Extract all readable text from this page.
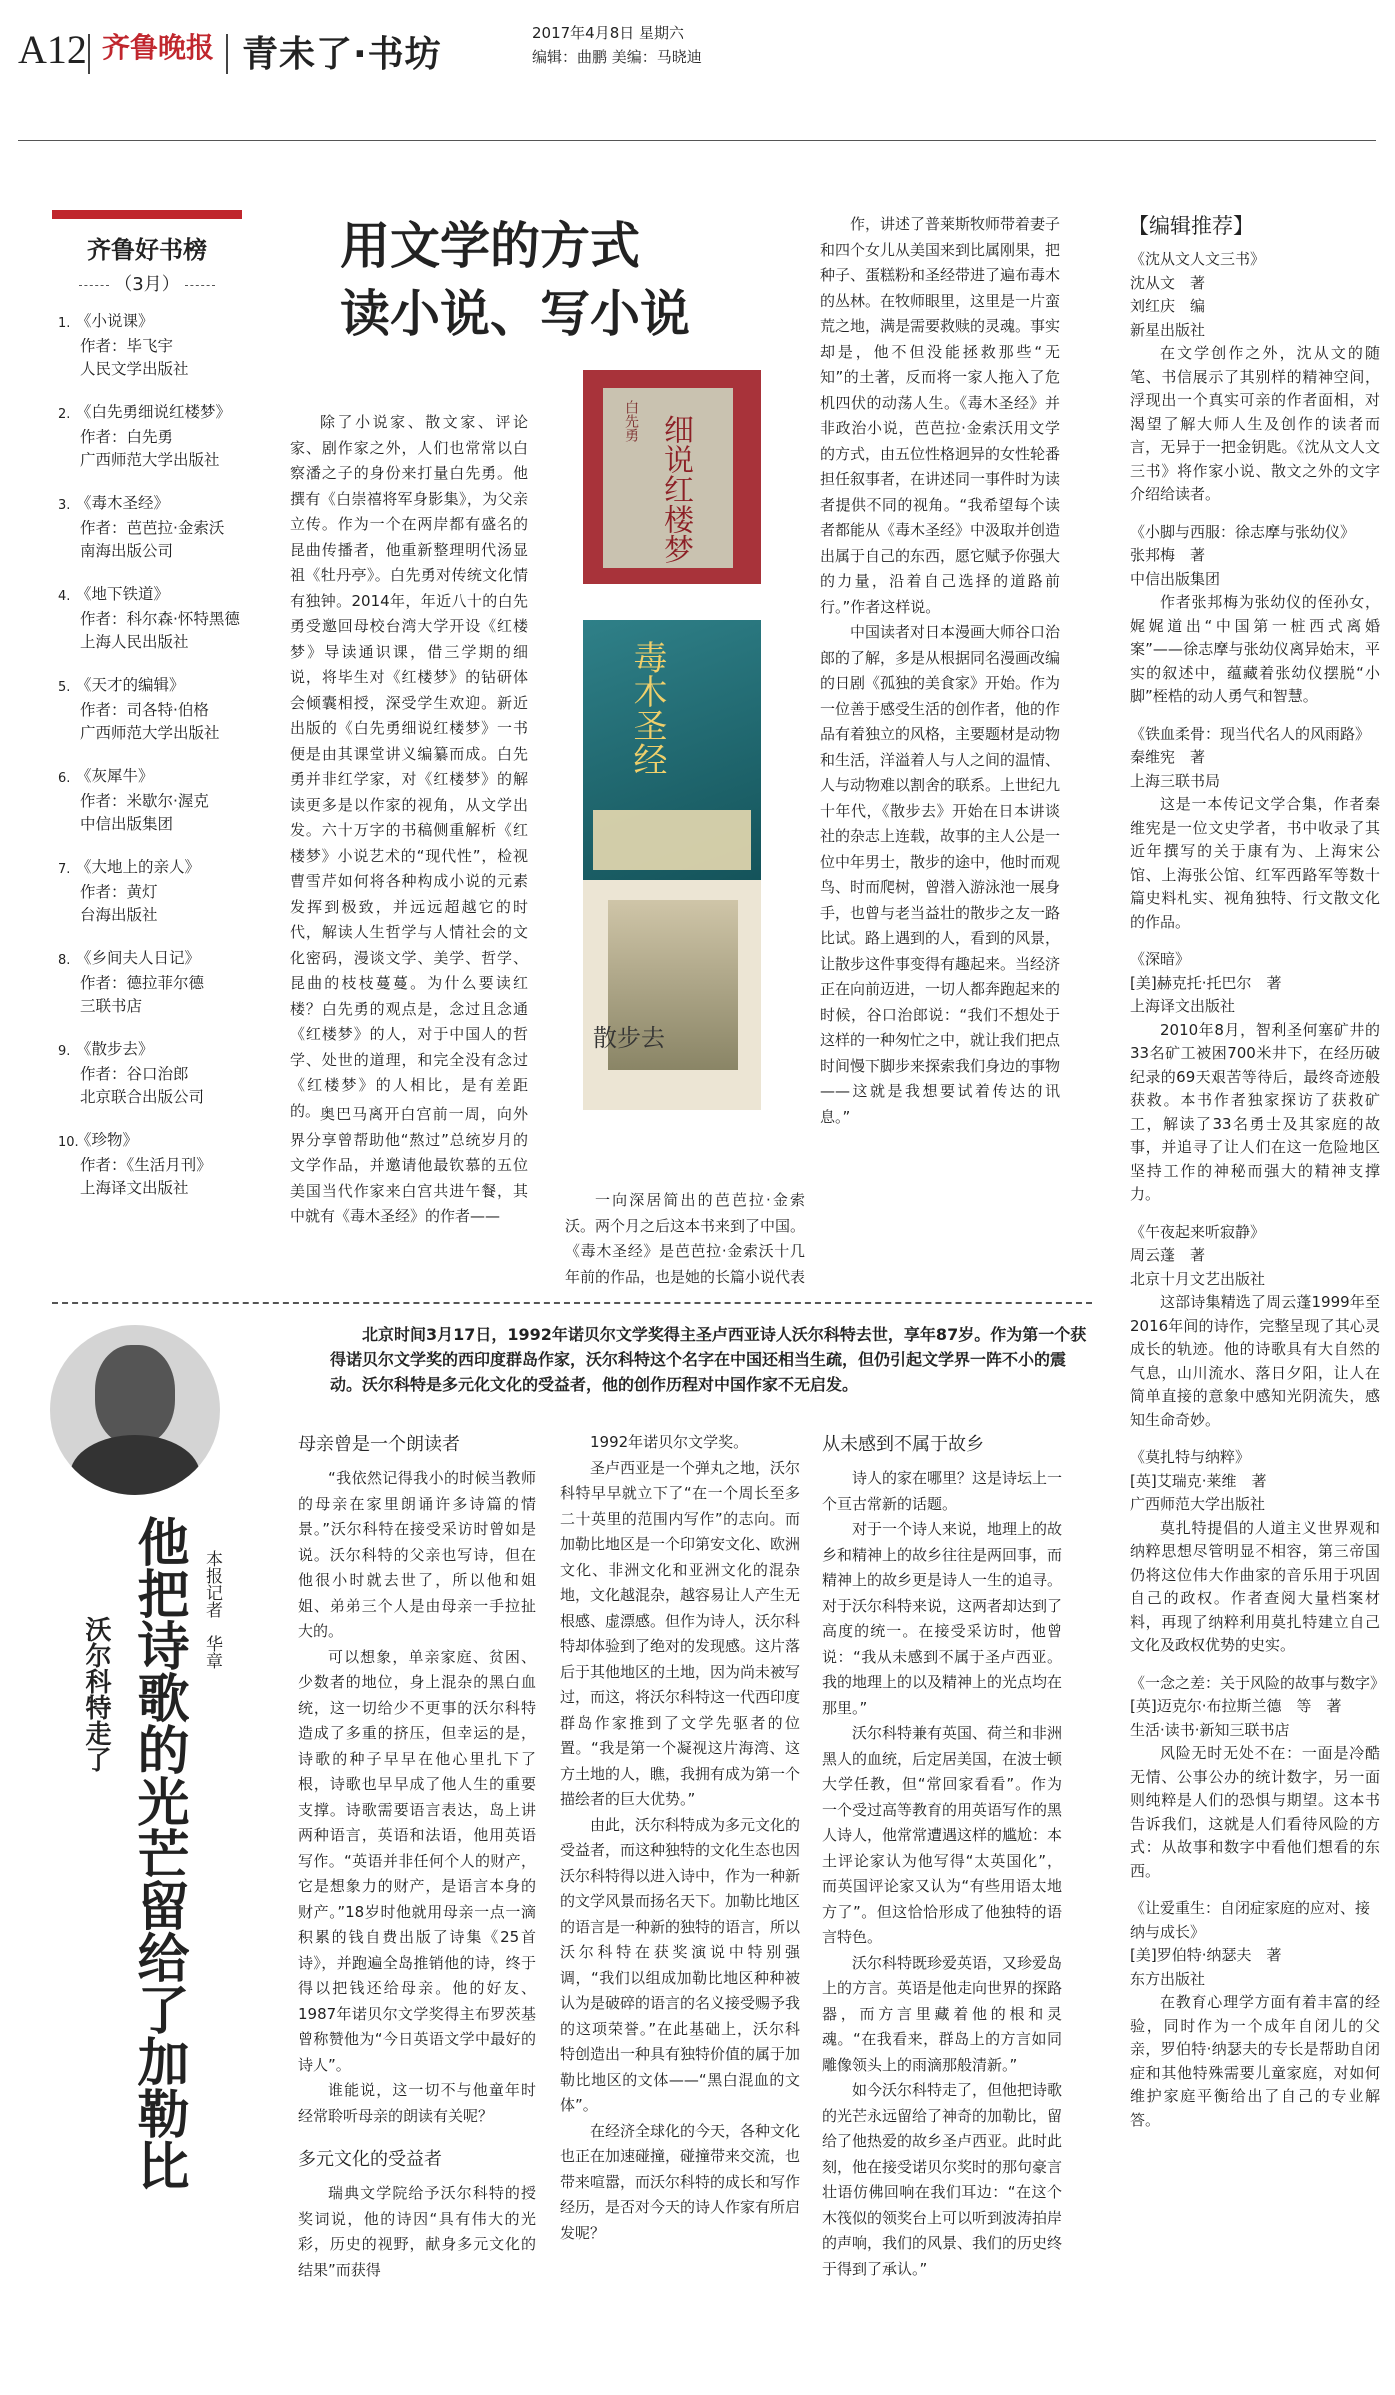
A12 齐鲁晚报 青未了·书坊
2017年4月8日 星期六
编辑：曲鹏 美编：马晓迪
齐鲁好书榜
（3月）
1. 《小说课》
作者：毕飞宇
人民文学出版社
2. 《白先勇细说红楼梦》
作者：白先勇
广西师范大学出版社
3. 《毒木圣经》
作者：芭芭拉·金索沃
南海出版公司
4. 《地下铁道》
作者：科尔森·怀特黑德
上海人民出版社
5. 《天才的编辑》
作者：司各特·伯格
广西师范大学出版社
6. 《灰犀牛》
作者：米歇尔·渥克
中信出版集团
7. 《大地上的亲人》
作者：黄灯
台海出版社
8. 《乡间夫人日记》
作者：德拉菲尔德
三联书店
9. 《散步去》
作者：谷口治郎
北京联合出版公司
10.
《珍物》
作者：《生活月刊》
上海译文出版社
用文学的方式
读小说、写小说
除了小说家、散文家、评论家、剧作家之外，人们也常常以白察潘之子的身份来打量白先勇。他撰有《白崇禧将军身影集》，为父亲立传。作为一个在两岸都有盛名的昆曲传播者，他重新整理明代汤显祖《牡丹亭》。白先勇对传统文化情有独钟。2014年，年近八十的白先勇受邀回母校台湾大学开设《红楼梦》导读通识课，借三学期的细说，将毕生对《红楼梦》的钻研体会倾囊相授，深受学生欢迎。新近出版的《白先勇细说红楼梦》一书便是由其课堂讲义编纂而成。白先勇并非红学家，对《红楼梦》的解读更多是以作家的视角，从文学出发。六十万字的书稿侧重解析《红楼梦》小说艺术的“现代性”，检视曹雪芹如何将各种构成小说的元素发挥到极致，并远远超越它的时代，解读人生哲学与人情社会的文化密码，漫谈文学、美学、哲学、昆曲的枝枝蔓蔓。为什么要读红楼？白先勇的观点是，念过且念通《红楼梦》的人，对于中国人的哲学、处世的道理，和完全没有念过《红楼梦》的人相比，是有差距的。 奥巴马离开白宫前一周，向外界分享曾帮助他“熬过”总统岁月的文学作品，并邀请他最钦慕的五位美国当代作家来白宫共进午餐，其中就有《毒木圣经》的作者——
一向深居简出的芭芭拉·金索沃。两个月之后这本书来到了中国。《毒木圣经》是芭芭拉·金索沃十几年前的作品，也是她的长篇小说代表

作，讲述了普莱斯牧师带着妻子和四个女儿从美国来到比属刚果，把种子、蛋糕粉和圣经带进了遍布毒木的丛林。在牧师眼里，这里是一片蛮荒之地，满是需要救赎的灵魂。事实却是，他不但没能拯救那些“无知”的土著，反而将一家人拖入了危机四伏的动荡人生。《毒木圣经》并非政治小说，芭芭拉·金索沃用文学的方式，由五位性格迥异的女性轮番担任叙事者，在讲述同一事件时为读者提供不同的视角。“我希望每个读者都能从《毒木圣经》中汲取并创造出属于自己的东西，愿它赋予你强大的力量，沿着自己选择的道路前行。”作者这样说。

中国读者对日本漫画大师谷口治郎的了解，多是从根据同名漫画改编的日剧《孤独的美食家》开始。作为一位善于感受生活的创作者，他的作品有着独立的风格，主要题材是动物和生活，洋溢着人与人之间的温情、人与动物难以割舍的联系。上世纪九十年代，《散步去》开始在日本讲谈社的杂志上连载，故事的主人公是一位中年男士，散步的途中，他时而观鸟、时而爬树，曾潜入游泳池一展身手，也曾与老当益壮的散步之友一路比试。路上遇到的人，看到的风景，让散步这件事变得有趣起来。当经济正在向前迈进，一切人都奔跑起来的时候，谷口治郎说：“我们不想处于这样的一种匆忙之中，就让我们把点时间慢下脚步来探索我们身边的事物——这就是我想要试着传达的讯息。”

白先勇 细说红楼梦
毒木圣经
散步去
【编辑推荐】
《沈从文人文三书》
沈从文　著
刘红庆　编
新星出版社
在文学创作之外，沈从文的随笔、书信展示了其别样的精神空间，浮现出一个真实可亲的作者面相，对渴望了解大师人生及创作的读者而言，无异于一把金钥匙。《沈从文人文三书》将作家小说、散文之外的文字介绍给读者。
《小脚与西服：徐志摩与张幼仪》
张邦梅　著
中信出版集团
作者张邦梅为张幼仪的侄孙女，娓娓道出“中国第一桩西式离婚案”——徐志摩与张幼仪离异始末，平实的叙述中，蕴藏着张幼仪摆脱“小脚”桎梏的动人勇气和智慧。
《铁血柔骨：现当代名人的风雨路》
秦维宪　著
上海三联书局
这是一本传记文学合集，作者秦维宪是一位文史学者，书中收录了其近年撰写的关于康有为、上海宋公馆、上海张公馆、红军西路军等数十篇史料札实、视角独特、行文散文化的作品。
《深暗》
[美]赫克托·托巴尔　著
上海译文出版社
2010年8月，智利圣何塞矿井的33名矿工被困700米井下，在经历破纪录的69天艰苦等待后，最终奇迹般获救。本书作者独家探访了获救矿工，解读了33名勇士及其家庭的故事，并追寻了让人们在这一危险地区坚持工作的神秘而强大的精神支撑力。
《午夜起来听寂静》
周云蓬　著
北京十月文艺出版社
这部诗集精选了周云蓬1999年至2016年间的诗作，完整呈现了其心灵成长的轨迹。他的诗歌具有大自然的气息，山川流水、落日夕阳，让人在简单直接的意象中感知光阴流失，感知生命奇妙。
《莫扎特与纳粹》
[英]艾瑞克·莱维　著
广西师范大学出版社
莫扎特提倡的人道主义世界观和纳粹思想尽管明显不相容，第三帝国仍将这位伟大作曲家的音乐用于巩固自己的政权。作者查阅大量档案材料，再现了纳粹利用莫扎特建立自己文化及政权优势的史实。
《一念之差：关于风险的故事与数字》
[英]迈克尔·布拉斯兰德　等　著
生活·读书·新知三联书店
风险无时无处不在：一面是冷酷无情、公事公办的统计数字，另一面则纯粹是人们的恐惧与期望。这本书告诉我们，这就是人们看待风险的方式：从故事和数字中看他们想看的东西。
《让爱重生：自闭症家庭的应对、接纳与成长》
[美]罗伯特·纳瑟夫　著
东方出版社
在教育心理学方面有着丰富的经验，同时作为一个成年自闭儿的父亲，罗伯特·纳瑟夫的专长是帮助自闭症和其他特殊需要儿童家庭，对如何维护家庭平衡给出了自己的专业解答。
北京时间3月17日，1992年诺贝尔文学奖得主圣卢西亚诗人沃尔科特去世，享年87岁。作为第一个获得诺贝尔文学奖的西印度群岛作家，沃尔科特这个名字在中国还相当生疏，但仍引起文学界一阵不小的震动。沃尔科特是多元化文化的受益者，他的创作历程对中国作家不无启发。
他把诗歌的光芒留给了加勒比
沃尔科特走了
本报记者　华章
母亲曾是一个朗读者

“我依然记得我小的时候当教师的母亲在家里朗诵许多诗篇的情景。”沃尔科特在接受采访时曾如是说。沃尔科特的父亲也写诗，但在他很小时就去世了，所以他和姐姐、弟弟三个人是由母亲一手拉扯大的。

可以想象，单亲家庭、贫困、少数者的地位，身上混杂的黑白血统，这一切给少不更事的沃尔科特造成了多重的挤压，但幸运的是，诗歌的种子早早在他心里扎下了根，诗歌也早早成了他人生的重要支撑。诗歌需要语言表达，岛上讲两种语言，英语和法语，他用英语写作。“英语并非任何个人的财产，它是想象力的财产，是语言本身的财产。”18岁时他就用母亲一点一滴积累的钱自费出版了诗集《25首诗》，并跑遍全岛推销他的诗，终于得以把钱还给母亲。他的好友、1987年诺贝尔文学奖得主布罗茨基曾称赞他为“今日英语文学中最好的诗人”。

谁能说，这一切不与他童年时经常聆听母亲的朗读有关呢？

多元文化的受益者

瑞典文学院给予沃尔科特的授奖词说，他的诗因“具有伟大的光彩，历史的视野，献身多元文化的结果”而获得

1992年诺贝尔文学奖。

圣卢西亚是一个弹丸之地，沃尔科特早早就立下了“在一个周长至多二十英里的范围内写作”的志向。而加勒比地区是一个印第安文化、欧洲文化、非洲文化和亚洲文化的混杂地，文化越混杂，越容易让人产生无根感、虚漂感。但作为诗人，沃尔科特却体验到了绝对的发现感。这片落后于其他地区的土地，因为尚未被写过，而这，将沃尔科特这一代西印度群岛作家推到了文学先驱者的位置。“我是第一个凝视这片海湾、这方土地的人，瞧，我拥有成为第一个描绘者的巨大优势。”

由此，沃尔科特成为多元文化的受益者，而这种独特的文化生态也因沃尔科特得以进入诗中，作为一种新的文学风景而扬名天下。加勒比地区的语言是一种新的独特的语言，所以沃尔科特在获奖演说中特别强调，“我们以组成加勒比地区种种被认为是破碎的语言的名义接受赐予我的这项荣誉。”在此基础上，沃尔科特创造出一种具有独特价值的属于加勒比地区的文体——“黑白混血的文体”。

在经济全球化的今天，各种文化也正在加速碰撞，碰撞带来交流，也带来喧嚣，而沃尔科特的成长和写作经历，是否对今天的诗人作家有所启发呢？

从未感到不属于故乡

诗人的家在哪里？这是诗坛上一个亘古常新的话题。

对于一个诗人来说，地理上的故乡和精神上的故乡往往是两回事，而精神上的故乡更是诗人一生的追寻。对于沃尔科特来说，这两者却达到了高度的统一。在接受采访时，他曾说：“我从未感到不属于圣卢西亚。我的地理上的以及精神上的光点均在那里。”

沃尔科特兼有英国、荷兰和非洲黑人的血统，后定居美国，在波士顿大学任教，但“常回家看看”。作为一个受过高等教育的用英语写作的黑人诗人，他常常遭遇这样的尴尬：本土评论家认为他写得“太英国化”，而英国评论家又认为“有些用语太地方了”。但这恰恰形成了他独特的语言特色。

沃尔科特既珍爱英语，又珍爱岛上的方言。英语是他走向世界的探路器，而方言里藏着他的根和灵魂。“在我看来，群岛上的方言如同雕像领头上的雨滴那般清新。”

如今沃尔科特走了，但他把诗歌的光芒永远留给了神奇的加勒比，留给了他热爱的故乡圣卢西亚。此时此刻，他在接受诺贝尔奖时的那句豪言壮语仿佛回响在我们耳边：“在这个木筏似的领奖台上可以听到波涛拍岸的声响，我们的风景、我们的历史终于得到了承认。”
